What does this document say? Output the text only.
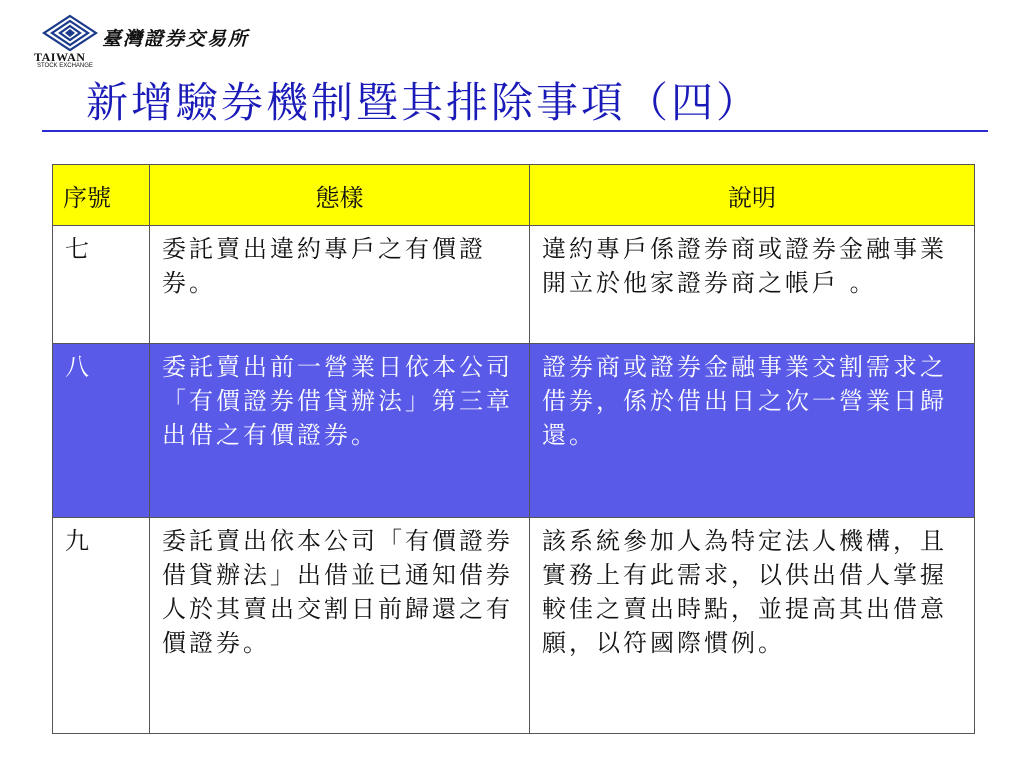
臺灣證券交易所
TAIWAN
STOCK EXCHANGE
新增驗券機制暨其排除事項（四）
序號	態樣	說明
七	委託賣出違約專戶之有價證券。	違約專戶係證券商或證券金融事業開立於他家證券商之帳戶 。
八	委託賣出前一營業日依本公司「有價證券借貸辦法」第三章出借之有價證券。	證券商或證券金融事業交割需求之借券，係於借出日之次一營業日歸還。
九	委託賣出依本公司「有價證券借貸辦法」出借並已通知借券人於其賣出交割日前歸還之有價證券。	該系統參加人為特定法人機構，且實務上有此需求，以供出借人掌握較佳之賣出時點，並提高其出借意願，以符國際慣例。
